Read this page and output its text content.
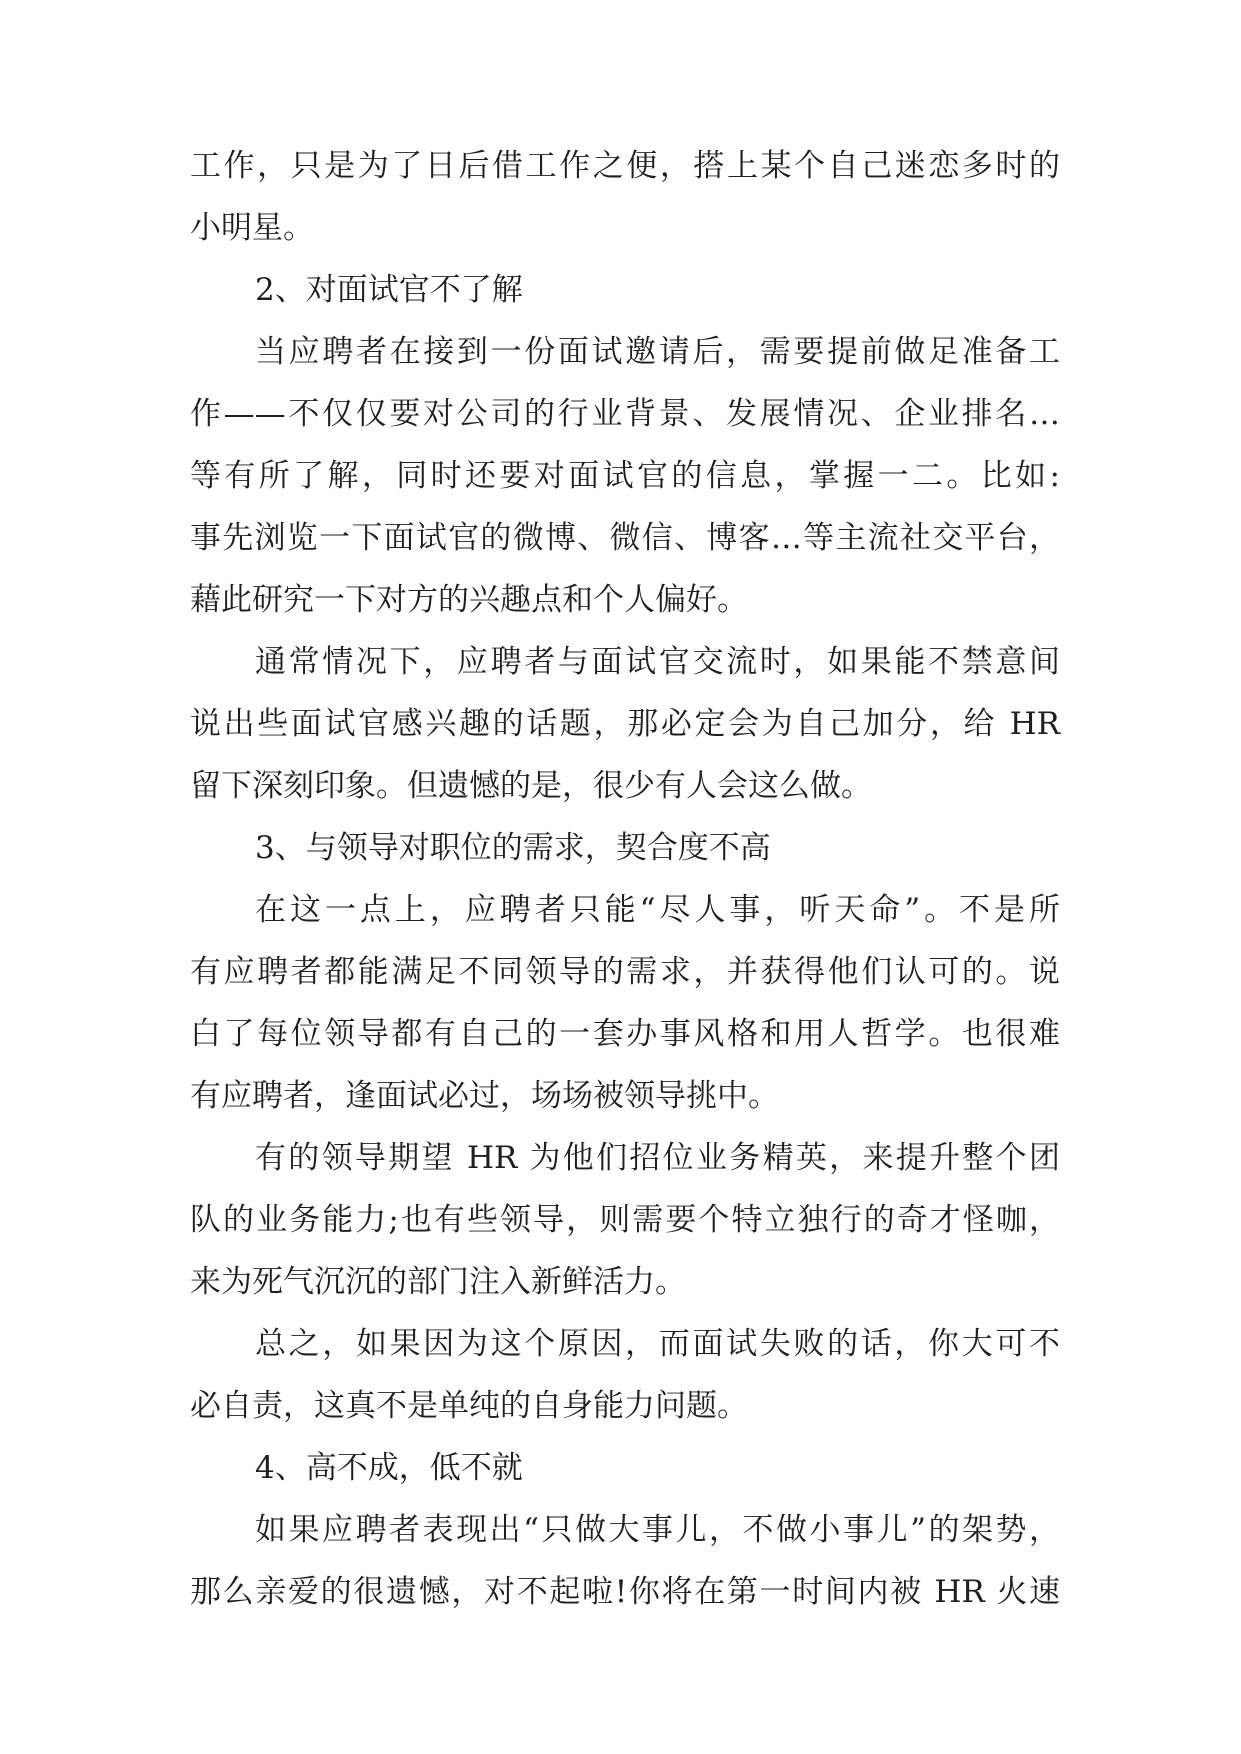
工作，只是为了日后借工作之便，搭上某个自己迷恋多时的
小明星。
2、对面试官不了解
当应聘者在接到一份面试邀请后，需要提前做足准备工
作——不仅仅要对公司的行业背景、发展情况、企业排名…
等有所了解，同时还要对面试官的信息，掌握一二。比如:
事先浏览一下面试官的微博、微信、博客…等主流社交平台，
藉此研究一下对方的兴趣点和个人偏好。
通常情况下，应聘者与面试官交流时，如果能不禁意间
说出些面试官感兴趣的话题，那必定会为自己加分，给 HR
留下深刻印象。但遗憾的是，很少有人会这么做。
3、与领导对职位的需求，契合度不高
在这一点上，应聘者只能“尽人事，听天命”。不是所
有应聘者都能满足不同领导的需求，并获得他们认可的。说
白了每位领导都有自己的一套办事风格和用人哲学。也很难
有应聘者，逢面试必过，场场被领导挑中。
有的领导期望 HR 为他们招位业务精英，来提升整个团
队的业务能力;也有些领导，则需要个特立独行的奇才怪咖，
来为死气沉沉的部门注入新鲜活力。
总之，如果因为这个原因，而面试失败的话，你大可不
必自责，这真不是单纯的自身能力问题。
4、高不成，低不就
如果应聘者表现出“只做大事儿，不做小事儿”的架势，
那么亲爱的很遗憾，对不起啦!你将在第一时间内被 HR 火速
